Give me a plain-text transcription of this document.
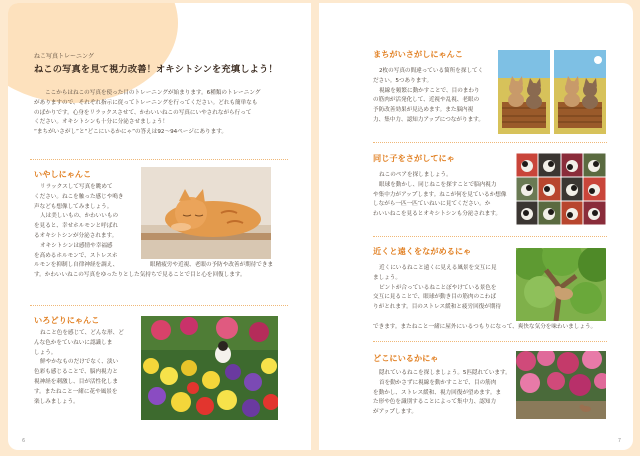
ねこ写真トレーニング
ねこの写真を見て視力改善！オキシトシンを充填しよう！
ここからはねこの写真を使った目のトレーニングが始まります。6種類のトレーニング
がありますので、それぞれ指示に従ってトレーニングを行ってください。どれも簡単なも
のばかりです。心身をリラックスさせて、かわいいねこの写真にいやされながら行って
ください。オキシトシンも十分に分泌させましょう！
“まちがいさがし”と“どこにいるかにゃ”の答えは92〜94ページにあります。
いやしにゃんこ
リラックスして写真を眺めて
ください。ねこを触った感じや鳴き
声なども想像してみましょう。
人は美しいもの、かわいいもの
を見ると、幸せホルモンと呼ばれ
るオキシトシンが分泌されます。
オキシトシンは感情や幸福感
を高めるホルモンで、ストレスホ
ルモンを抑制し自律神経を調え、	眼精疲労や近視、老眼の予防や改善が期待できま
す。かわいいねこの写真をゆったりとした気持ちで見ることで目と心を回復します。
いろどりにゃんこ
ねこと色を感じて、どんな形、ど
んな色かをていねいに認識しま
しょう。
鮮やかなものだけでなく、淡い
色彩も感じることで、脳内視力と
視神経を刺激し、目が活性化しま
す。またねこと一緒に花や風景を
楽しみましょう。
6
まちがいさがしにゃんこ
2枚の写真の間違っている箇所を探してく
ださい。5つあります。
視線を頻繁に動かすことで、目のまわり
の筋肉が活発化して、近視や乱視、老眼の
予防改善効果が見込めます。また脳内視
力、集中力、認知力アップにつながります。
同じ子をさがしてにゃ
ねこのペアを探しましょう。
眼球を動かし、同じねこを探すことで脳内視力
や集中力がアップします。ねこが何を見ているか想像
しながら一匹一匹ていねいに見てください。か
わいいねこを見るとオキシトシンも分泌されます。
近くと遠くをながめるにゃ
近くにいるねこと遠くに見える風景を交互に見
ましょう。
ピントが合っているねことぼやけている景色を
交互に見ることで、眼球が動き目の筋肉のこわば
りがとれます。目のストレス緩和と疲労回復が期待
できます。またねこと一緒に屋外にいるつもりになって、爽快な気分を味わいましょう。
どこにいるかにゃ
隠れているねこを探しましょう。5匹隠れています。
首を動かさずに視線を動かすことで、目の筋肉
を動かし、ストレス緩和、視力回復が望めます。ま
た形や色を識別することによって集中力、認知力
がアップします。
7
